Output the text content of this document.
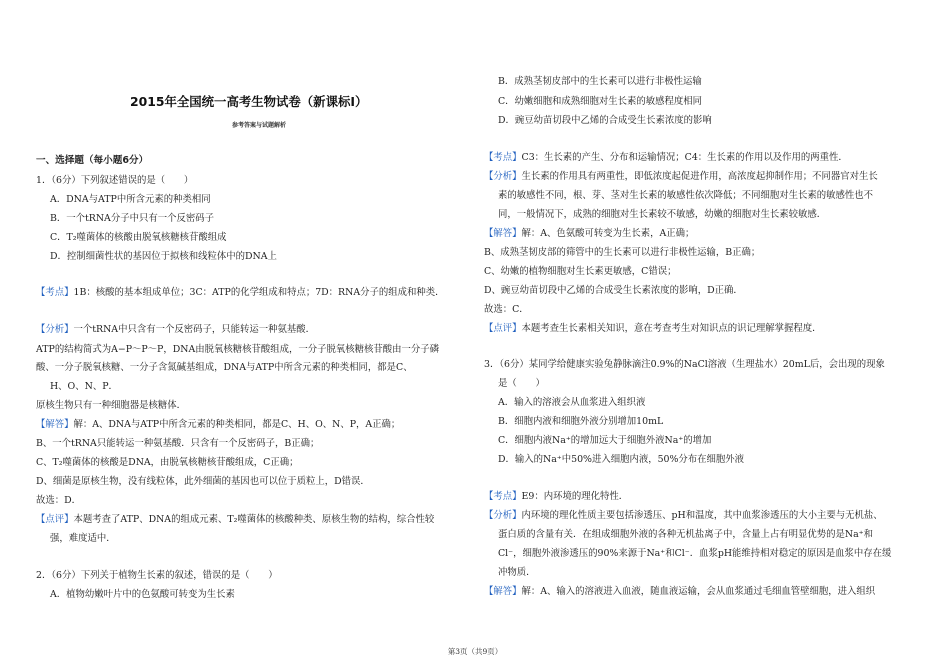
2015年全国统一高考生物试卷（新课标Ⅰ）
参考答案与试题解析
一、选择题（每小题6分）
1．（6分）下列叙述错误的是（　　）
A．DNA与ATP中所含元素的种类相同
B．一个tRNA分子中只有一个反密码子
C．T₂噬菌体的核酸由脱氧核糖核苷酸组成
D．控制细菌性状的基因位于拟核和线粒体中的DNA上
【考点】1B：核酸的基本组成单位；3C：ATP的化学组成和特点；7D：RNA分子的组成和种类．
【分析】一个tRNA中只含有一个反密码子，只能转运一种氨基酸．
ATP的结构简式为A−P～P～P，DNA由脱氧核糖核苷酸组成，一分子脱氧核糖核苷酸由一分子磷
酸、一分子脱氧核糖、一分子含氮碱基组成，DNA与ATP中所含元素的种类相同，都是C、
H、O、N、P．
原核生物只有一种细胞器是核糖体．
【解答】解：A、DNA与ATP中所含元素的种类相同，都是C、H、O、N、P，A正确；
B、一个tRNA只能转运一种氨基酸．只含有一个反密码子，B正确；
C、T₂噬菌体的核酸是DNA，由脱氧核糖核苷酸组成，C正确；
D、细菌是原核生物，没有线粒体，此外细菌的基因也可以位于质粒上，D错误．
故选：D．
【点评】本题考查了ATP、DNA的组成元素、T₂噬菌体的核酸种类、原核生物的结构，综合性较
强，难度适中．
2．（6分）下列关于植物生长素的叙述，错误的是（　　）
A．植物幼嫩叶片中的色氨酸可转变为生长素
B．成熟茎韧皮部中的生长素可以进行非极性运输
C．幼嫩细胞和成熟细胞对生长素的敏感程度相同
D．豌豆幼苗切段中乙烯的合成受生长素浓度的影响
【考点】C3：生长素的产生、分布和运输情况；C4：生长素的作用以及作用的两重性．
【分析】生长素的作用具有两重性，即低浓度起促进作用，高浓度起抑制作用；不同器官对生长
素的敏感性不同，根、芽、茎对生长素的敏感性依次降低；不同细胞对生长素的敏感性也不
同，一般情况下，成熟的细胞对生长素较不敏感，幼嫩的细胞对生长素较敏感．
【解答】解：A、色氨酸可转变为生长素，A正确；
B、成熟茎韧皮部的筛管中的生长素可以进行非极性运输，B正确；
C、幼嫩的植物细胞对生长素更敏感，C错误；
D、豌豆幼苗切段中乙烯的合成受生长素浓度的影响，D正确．
故选：C．
【点评】本题考查生长素相关知识，意在考查考生对知识点的识记理解掌握程度．
3．（6分）某同学给健康实验兔静脉滴注0.9%的NaCl溶液（生理盐水）20mL后，会出现的现象
是（　　）
A．输入的溶液会从血浆进入组织液
B．细胞内液和细胞外液分别增加10mL
C．细胞内液Na⁺的增加远大于细胞外液Na⁺的增加
D．输入的Na⁺中50%进入细胞内液，50%分布在细胞外液
【考点】E9：内环境的理化特性．
【分析】内环境的理化性质主要包括渗透压、pH和温度，其中血浆渗透压的大小主要与无机盐、
蛋白质的含量有关．在组成细胞外液的各种无机盐离子中，含量上占有明显优势的是Na⁺和
Cl⁻，细胞外液渗透压的90%来源于Na⁺和Cl⁻．血浆pH能维持相对稳定的原因是血浆中存在缓
冲物质．
【解答】解：A、输入的溶液进入血液，随血液运输，会从血浆通过毛细血管壁细胞，进入组织
第3页（共9页）
